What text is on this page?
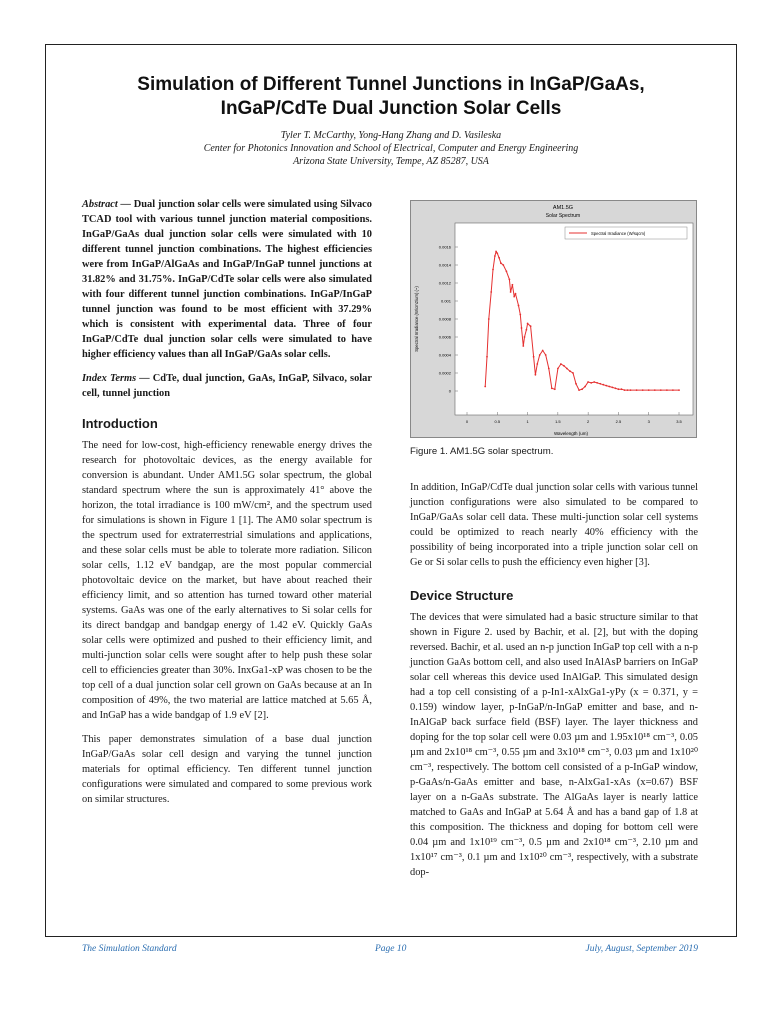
Simulation of Different Tunnel Junctions in InGaP/GaAs,
InGaP/CdTe Dual Junction Solar Cells
Tyler T. McCarthy, Yong-Hang Zhang and D. Vasileska
Center for Photonics Innovation and School of Electrical, Computer and Energy Engineering
Arizona State University, Tempe, AZ 85287, USA

Abstract — Dual junction solar cells were simulated using Silvaco TCAD tool with various tunnel junction material compositions. InGaP/GaAs dual junction solar cells were simulated with 10 different tunnel junction combinations. The highest efficiencies were from InGaP/AlGaAs and InGaP/InGaP tunnel junctions at 31.82% and 31.75%. InGaP/CdTe solar cells were also simulated with four different tunnel junction combinations. InGaP/InGaP tunnel junction was found to be most efficient with 37.29% which is consistent with experimental data. Three of four InGaP/CdTe dual junction solar cells were simulated to have higher efficiency values than all InGaP/GaAs solar cells.

Index Terms — CdTe, dual junction, GaAs, InGaP, Silvaco, solar cell, tunnel junction

Introduction

The need for low-cost, high-efficiency renewable energy drives the research for photovoltaic devices, as the energy available for conversion is abundant. Under AM1.5G solar spectrum, the global standard spectrum where the sun is approximately 41° above the horizon, the total irradiance is 100 mW/cm², and the spectrum used for simulations is shown in Figure 1 [1]. The AM0 solar spectrum is the spectrum used for extraterrestrial simulations and applications, and these solar cells must be able to tolerate more radiation. Silicon solar cells, 1.12 eV bandgap, are the most popular commercial photovoltaic device on the market, but have about reached their efficiency limit, and so attention has turned toward other material systems. GaAs was one of the early alternatives to Si solar cells for its direct bandgap and bandgap energy of 1.42 eV. Quickly GaAs solar cells were optimized and pushed to their efficiency limit, and multi-junction solar cells were sought after to help push these solar cell to efficiencies greater than 30%. InxGa1-xP was chosen to be the top cell of a dual junction solar cell grown on GaAs because at an In composition of 49%, the two material are lattice matched at 5.65 Å, and InGaP has a wide bandgap of 1.9 eV [2].

This paper demonstrates simulation of a base dual junction InGaP/GaAs solar cell design and varying the tunnel junction materials for optimal efficiency. Ten different tunnel junction configurations were simulated and compared to some previous work on similar structures.

AM1.5G
Solar Spectrum
Wavelength (um)
Spectral Irradiance (W/cm2/um) (~)
0.0016
0.0014
0.0012
0.001
0.0008
0.0006
0.0004
0.0002
0
0	0.5	1	1.5	2	2.5	3	3.5
Spectral Irradiance (W/sqcm)
Figure 1. AM1.5G solar spectrum.

In addition, InGaP/CdTe dual junction solar cells with various tunnel junction configurations were also simulated to be compared to InGaP/GaAs solar cell data. These multi-junction solar cell systems could be optimized to reach nearly 40% efficiency with the possibility of being incorporated into a triple junction solar cell on Ge or Si solar cells to push the efficiency even higher [3].

Device Structure

The devices that were simulated had a basic structure similar to that shown in Figure 2. used by Bachir, et al. [2], but with the doping reversed. Bachir, et al. used an n-p junction InGaP top cell with a n-p junction GaAs bottom cell, and also used InAlAsP barriers on InGaP solar cell whereas this device used InAlGaP. This simulated design had a top cell consisting of a p-In1-xAlxGa1-yPy (x = 0.371, y = 0.159) window layer, p-InGaP/n-InGaP emitter and base, and n-InAlGaP back surface field (BSF) layer. The layer thickness and doping for the top solar cell were 0.03 µm and 1.95x10¹⁸ cm⁻³, 0.05 µm and 2x10¹⁸ cm⁻³, 0.55 µm and 3x10¹⁸ cm⁻³, 0.03 µm and 1x10²⁰ cm⁻³, respectively. The bottom cell consisted of a p-InGaP window, p-GaAs/n-GaAs emitter and base, n-AlxGa1-xAs (x=0.67) BSF layer on a n-GaAs substrate. The AlGaAs layer is nearly lattice matched to GaAs and InGaP at 5.64 Å and has a band gap of 1.8 at this composition. The thickness and doping for bottom cell were 0.04 µm and 1x10¹⁹ cm⁻³, 0.5 µm and 2x10¹⁸ cm⁻³, 2.10 µm and 1x10¹⁷ cm⁻³, 0.1 µm and 1x10²⁰ cm⁻³, respectively, with a substrate dop-

The Simulation Standard	Page 10	July, August, September 2019
